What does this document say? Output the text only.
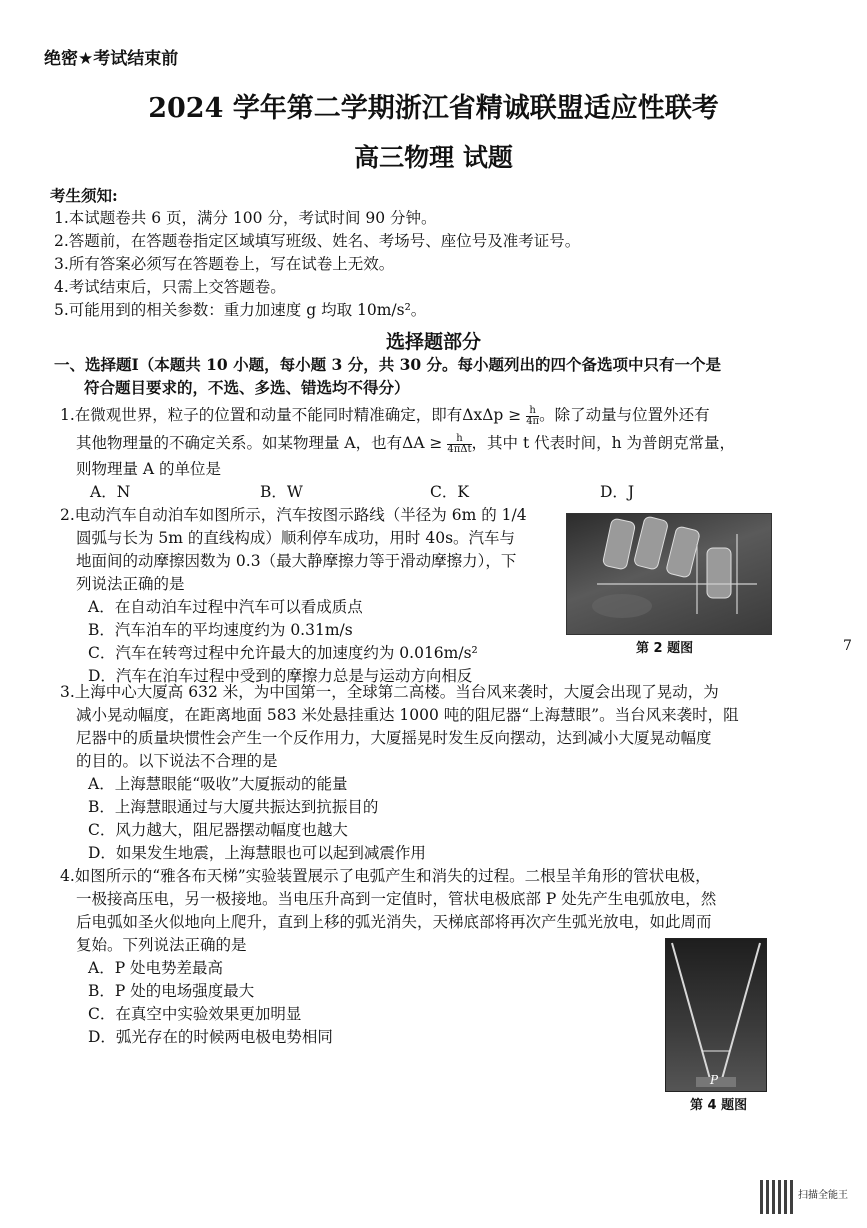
绝密★考试结束前
2024 学年第二学期浙江省精诚联盟适应性联考
高三物理 试题
考生须知:
1.本试题卷共 6 页，满分 100 分，考试时间 90 分钟。
2.答题前，在答题卷指定区域填写班级、姓名、考场号、座位号及准考证号。
3.所有答案必须写在答题卷上，写在试卷上无效。
4.考试结束后，只需上交答题卷。
5.可能用到的相关参数：重力加速度 g 均取 10m/s²。
选择题部分
一、选择题Ⅰ（本题共 10 小题，每小题 3 分，共 30 分。每小题列出的四个备选项中只有一个是
符合题目要求的，不选、多选、错选均不得分）
1.在微观世界，粒子的位置和动量不能同时精准确定，即有$\Delta x\Delta p \ge \frac{h}{4\pi}$ 。除了动量与位置外还有
其他物理量的不确定关系。如某物理量 A，也有$\Delta A \ge \frac{h}{\text{4πΔt}}$ ，其中 t 代表时间，h 为普朗克常量，
则物理量 A 的单位是
A．N	B．W	C．K	D．J
2.电动汽车自动泊车如图所示，汽车按图示路线（半径为 6m 的 1/4
圆弧与长为 5m 的直线构成）顺利停车成功，用时 40s。汽车与
地面间的动摩擦因数为 0.3（最大静摩擦力等于滑动摩擦力），下
列说法正确的是
A．在自动泊车过程中汽车可以看成质点
B．汽车泊车的平均速度约为 0.31m/s
C．汽车在转弯过程中允许最大的加速度约为 0.016m/s²
D．汽车在泊车过程中受到的摩擦力总是与运动方向相反
第 2 题图	7
3.上海中心大厦高 632 米，为中国第一，全球第二高楼。当台风来袭时，大厦会出现了晃动，为
减小晃动幅度，在距离地面 583 米处悬挂重达 1000 吨的阻尼器“上海慧眼”。当台风来袭时，阻
尼器中的质量块惯性会产生一个反作用力，大厦摇晃时发生反向摆动，达到减小大厦晃动幅度
的目的。以下说法不合理的是
A．上海慧眼能“吸收”大厦振动的能量
B．上海慧眼通过与大厦共振达到抗振目的
C．风力越大，阻尼器摆动幅度也越大
D．如果发生地震，上海慧眼也可以起到减震作用
4.如图所示的“雅各布天梯”实验装置展示了电弧产生和消失的过程。二根呈羊角形的管状电极，
一极接高压电，另一极接地。当电压升高到一定值时，管状电极底部 P 处先产生电弧放电，然
后电弧如圣火似地向上爬升，直到上移的弧光消失，天梯底部将再次产生弧光放电，如此周而
复始。下列说法正确的是
A．P 处电势差最高
B．P 处的电场强度最大
C．在真空中实验效果更加明显
D．弧光存在的时候两电极电势相同
P
第 4 题图
扫描全能王
